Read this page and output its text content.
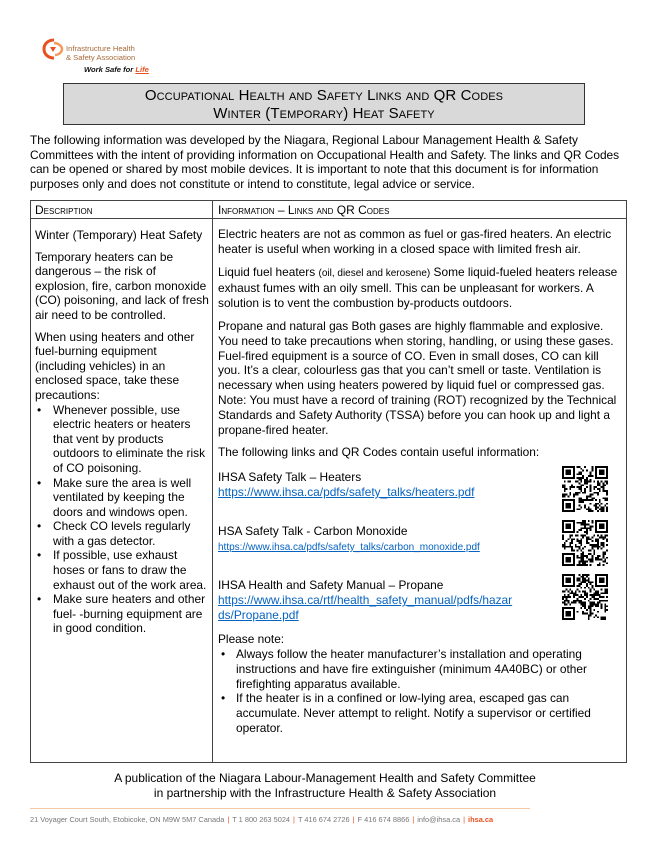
Infrastructure Health
& Safety Association
Work Safe for Life
Occupational Health and Safety Links and QR Codes
Winter (Temporary) Heat Safety

The following information was developed by the Niagara, Regional Labour Management Health & Safety Committees with the intent of providing information on Occupational Health and Safety. The links and QR Codes can be opened or shared by most mobile devices. It is important to note that this document is for information purposes only and does not constitute or intend to constitute, legal advice or service.

Description	Information – Links and QR Codes

Winter (Temporary) Heat Safety

Temporary heaters can be dangerous – the risk of explosion, fire, carbon monoxide (CO) poisoning, and lack of fresh air need to be controlled.

When using heaters and other fuel-burning equipment (including vehicles) in an enclosed space, take these precautions:

• Whenever possible, use electric heaters or heaters that vent by products outdoors to eliminate the risk of CO poisoning.
• Make sure the area is well ventilated by keeping the doors and windows open.
• Check CO levels regularly with a gas detector.
• If possible, use exhaust hoses or fans to draw the exhaust out of the work area.
• Make sure heaters and other fuel- -burning equipment are in good condition.

Electric heaters are not as common as fuel or gas-fired heaters. An electric heater is useful when working in a closed space with limited fresh air.

Liquid fuel heaters (oil, diesel and kerosene) Some liquid-fueled heaters release exhaust fumes with an oily smell. This can be unpleasant for workers. A solution is to vent the combustion by-products outdoors.

Propane and natural gas Both gases are highly flammable and explosive. You need to take precautions when storing, handling, or using these gases. Fuel-fired equipment is a source of CO. Even in small doses, CO can kill you. It’s a clear, colourless gas that you can’t smell or taste. Ventilation is necessary when using heaters powered by liquid fuel or compressed gas. Note: You must have a record of training (ROT) recognized by the Technical Standards and Safety Authority (TSSA) before you can hook up and light a propane-fired heater.

The following links and QR Codes contain useful information:

IHSA Safety Talk – Heaters
https://www.ihsa.ca/pdfs/safety_talks/heaters.pdf
HSA Safety Talk - Carbon Monoxide
https://www.ihsa.ca/pdfs/safety_talks/carbon_monoxide.pdf
IHSA Health and Safety Manual – Propane
https://www.ihsa.ca/rtf/health_safety_manual/pdfs/hazards/Propane.pdf
Please note:
• Always follow the heater manufacturer’s installation and operating instructions and have fire extinguisher (minimum 4A40BC) or other firefighting apparatus available.
• If the heater is in a confined or low-lying area, escaped gas can accumulate. Never attempt to relight. Notify a supervisor or certified operator.
A publication of the Niagara Labour-Management Health and Safety Committee
in partnership with the Infrastructure Health & Safety Association
21 Voyager Court South, Etobicoke, ON M9W 5M7 Canada | T 1 800 263 5024 | T 416 674 2726 | F 416 674 8866 | info@ihsa.ca | ihsa.ca
